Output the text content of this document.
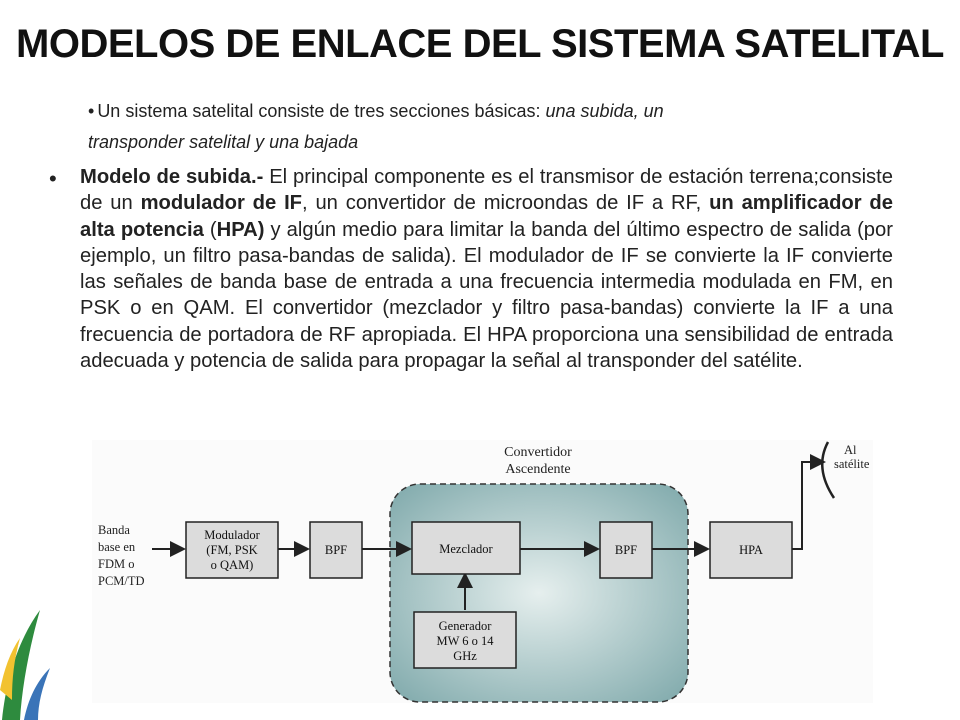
MODELOS DE ENLACE DEL SISTEMA SATELITAL
• Un sistema satelital consiste de tres secciones básicas: una subida, un
transponder satelital y una bajada
• Modelo de subida.- El principal componente es el transmisor de estación terrena;consiste de un modulador de IF, un convertidor de microondas de IF a RF, un amplificador de alta potencia (HPA) y algún medio para limitar la banda del último espectro de salida (por ejemplo, un filtro pasa-bandas de salida). El modulador de IF se convierte la IF convierte las señales de banda base de entrada a una frecuencia intermedia modulada en FM, en PSK o en QAM. El convertidor (mezclador y filtro pasa-bandas) convierte la IF a una frecuencia de portadora de RF apropiada. El HPA proporciona una sensibilidad de entrada adecuada y potencia de salida para propagar la señal al transponder del satélite.
Convertidor
Ascendente
Banda
base en
FDM o
PCM/TD
Modulador
(FM, PSK
o QAM)
BPF	Mezclador	BPF	HPA
Generador
MW 6 o 14
GHz
Al
satélite
